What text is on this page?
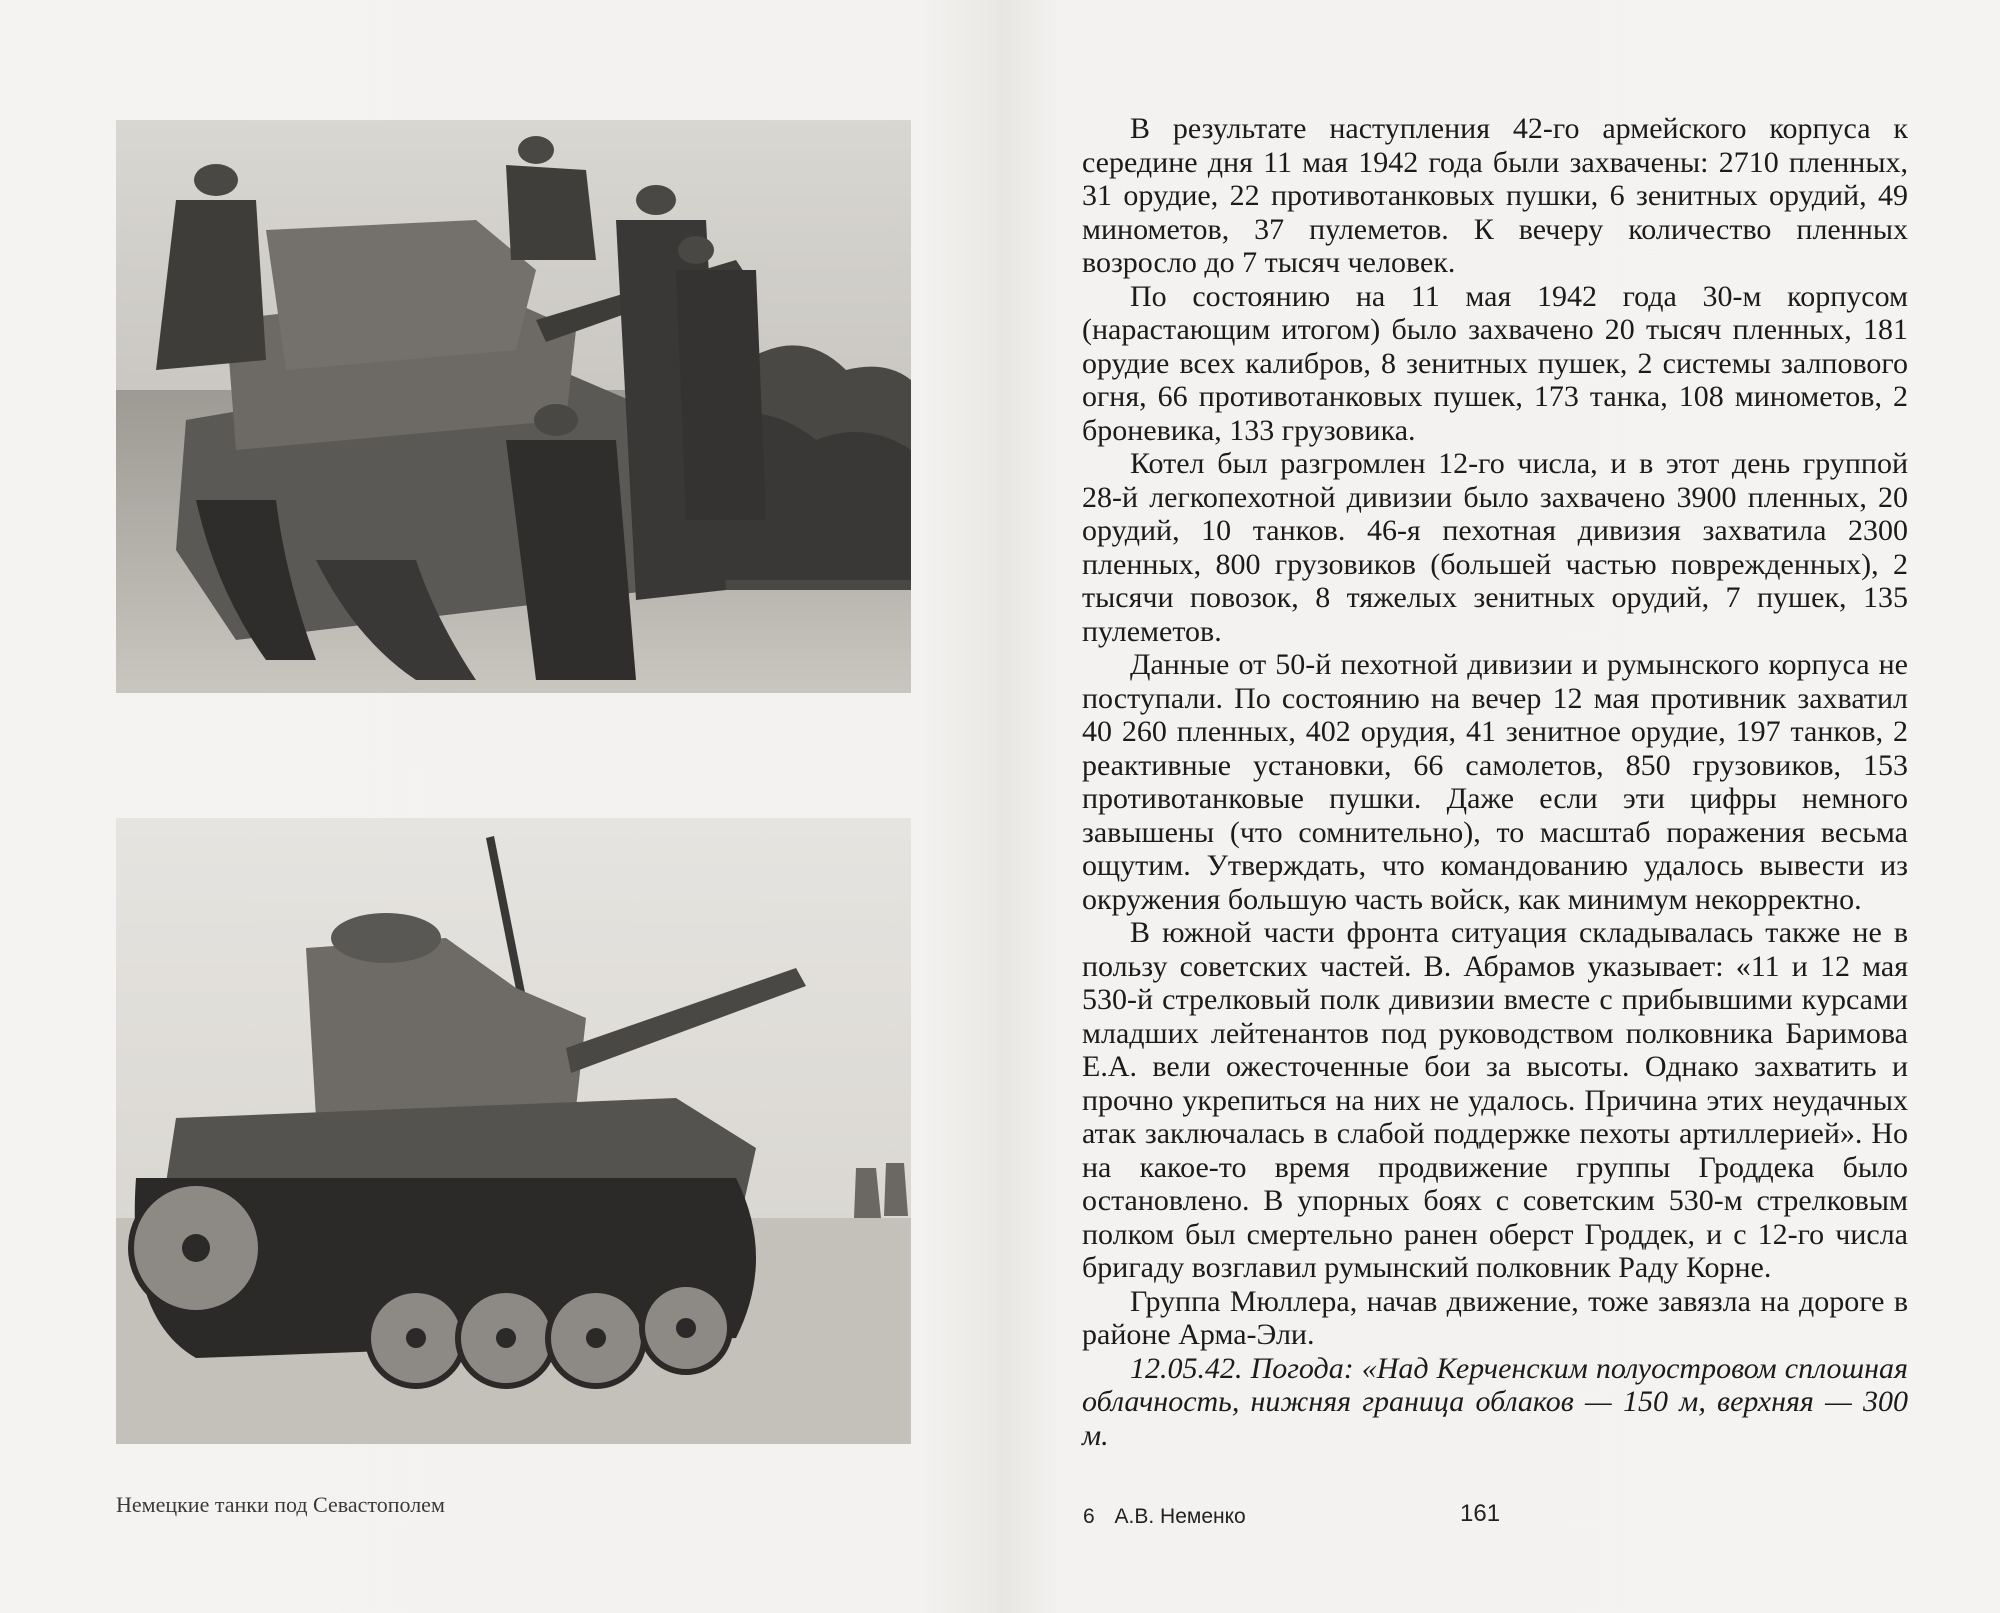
Немецкие танки под Севастополем

В результате наступления 42-го армейского корпуса к середине дня 11 мая 1942 года были захвачены: 2710 пленных, 31 орудие, 22 противотанковых пушки, 6 зенитных орудий, 49 минометов, 37 пулеметов. К вечеру количество пленных возросло до 7 тысяч человек.

По состоянию на 11 мая 1942 года 30-м корпусом (нарастающим итогом) было захвачено 20 тысяч пленных, 181 орудие всех калибров, 8 зенитных пушек, 2 системы залпового огня, 66 противотанковых пушек, 173 танка, 108 минометов, 2 броневика, 133 грузовика.

Котел был разгромлен 12-го числа, и в этот день группой 28-й легкопехотной дивизии было захвачено 3900 пленных, 20 орудий, 10 танков. 46-я пехотная дивизия захватила 2300 пленных, 800 грузовиков (большей частью поврежденных), 2 тысячи повозок, 8 тяжелых зенитных орудий, 7 пушек, 135 пулеметов.

Данные от 50-й пехотной дивизии и румынского корпуса не поступали. По состоянию на вечер 12 мая противник захватил 40 260 пленных, 402 орудия, 41 зенитное орудие, 197 танков, 2 реактивные установки, 66 самолетов, 850 грузовиков, 153 противотанковые пушки. Даже если эти цифры немного завышены (что сомнительно), то масштаб поражения весьма ощутим. Утверждать, что командованию удалось вывести из окружения большую часть войск, как минимум некорректно.

В южной части фронта ситуация складывалась также не в пользу советских частей. В. Абрамов указывает: «11 и 12 мая 530-й стрелковый полк дивизии вместе с прибывшими курсами младших лейтенантов под руководством полковника Баримова Е.А. вели ожесточенные бои за высоты. Однако захватить и прочно укрепиться на них не удалось. Причина этих неудачных атак заключалась в слабой поддержке пехоты артиллерией». Но на какое-то время продвижение группы Гроддека было остановлено. В упорных боях с советским 530-м стрелковым полком был смертельно ранен оберст Гроддек, и с 12-го числа бригаду возглавил румынский полковник Раду Корне.

Группа Мюллера, начав движение, тоже завязла на дороге в районе Арма-Эли.

12.05.42. Погода: «Над Керченским полуостровом сплошная облачность, нижняя граница облаков — 150 м, верхняя — 300 м.

6 А.В. Неменко	161
